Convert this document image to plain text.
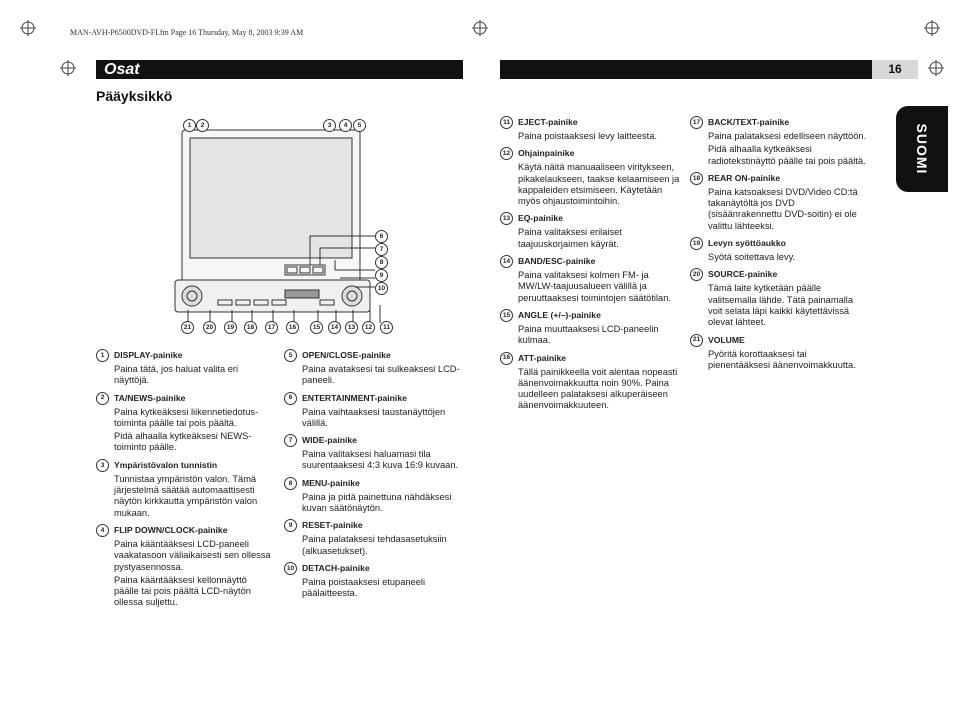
MAN-AVH-P6500DVD-FI.fm Page 16 Thursday, May 8, 2003 9:39 AM
Osat	16
Pääyksikkö
SUOMI
1	2	3	4	5
6
7
8
9
10
21	20	19	18	17	16	15	14	13	12	11
1	DISPLAY-painike
Paina tätä, jos haluat valita eri näyttöjä.
2	TA/NEWS-painike
Paina kytkeäksesi liikennetiedotus-toiminta päälle tai pois päältä.
Pidä alhaalla kytkeäksesi NEWS-toiminto päälle.
3	Ympäristövalon tunnistin
Tunnistaa ympäristön valon. Tämä järjestelmä säätää automaattisesti näytön kirkkautta ympäristön valon mukaan.
4	FLIP DOWN/CLOCK-painike
Paina kääntääksesi LCD-paneeli vaakatasoon väliaikaisesti sen ollessa pystyasennossa.
Paina kääntääksesi kellonnäyttö päälle tai pois päältä LCD-näytön ollessa suljettu.
5	OPEN/CLOSE-painike
Paina avataksesi tai sulkeaksesi LCD-paneeli.
6	ENTERTAINMENT-painike
Paina vaihtaaksesi taustanäyttöjen välillä.
7	WIDE-painike
Paina valitaksesi haluamasi tila suurentaaksesi 4:3 kuva 16:9 kuvaan.
8	MENU-painike
Paina ja pidä painettuna nähdäksesi kuvan säätönäytön.
9	RESET-painike
Paina palataksesi tehdasasetuksiin (alkuasetukset).
10 DETACH-painike
Paina poistaaksesi etupaneeli päälaitteesta.
11 EJECT-painike
Paina poistaaksesi levy laitteesta.
12 Ohjainpainike
Käytä näitä manuaaliseen viritykseen, pikakelaukseen, taakse kelaamiseen ja kappaleiden etsimiseen. Käytetään myös ohjaustoimintoihin.
13 EQ-painike
Paina valitaksesi erilaiset taajuuskorjaimen käyrät.
14 BAND/ESC-painike
Paina valitaksesi kolmen FM- ja MW/LW-taajuusalueen välillä ja peruuttaaksesi toimintojen säätötilan.
15 ANGLE (+/–)-painike
Paina muuttaaksesi LCD-paneelin kulmaa.
16 ATT-painike
Tällä painikkeella voit alentaa nopeasti äänenvoimakkuutta noin 90%. Paina uudelleen palataksesi alkuperäiseen äänenvoimakkuuteen.
17 BACK/TEXT-painike
Paina palataksesi edelliseen näyttöön.
Pidä alhaalla kytkeäksesi radiotekstinäyttö päälle tai pois päältä.
18 REAR ON-painike
Paina katsoaksesi DVD/Video CD:tä takanäytöltä jos DVD (sisäänrakennettu DVD-soitin) ei ole valittu lähteeksi.
19 Levyn syöttöaukko
Syötä soitettava levy.
20 SOURCE-painike
Tämä laite kytketään päälle valitsemalla lähde. Tätä painamalla voit selata läpi kaikki käytettävissä olevat lähteet.
21 VOLUME
Pyöritä korottaaksesi tai pienentääksesi äänenvoimakkuutta.
